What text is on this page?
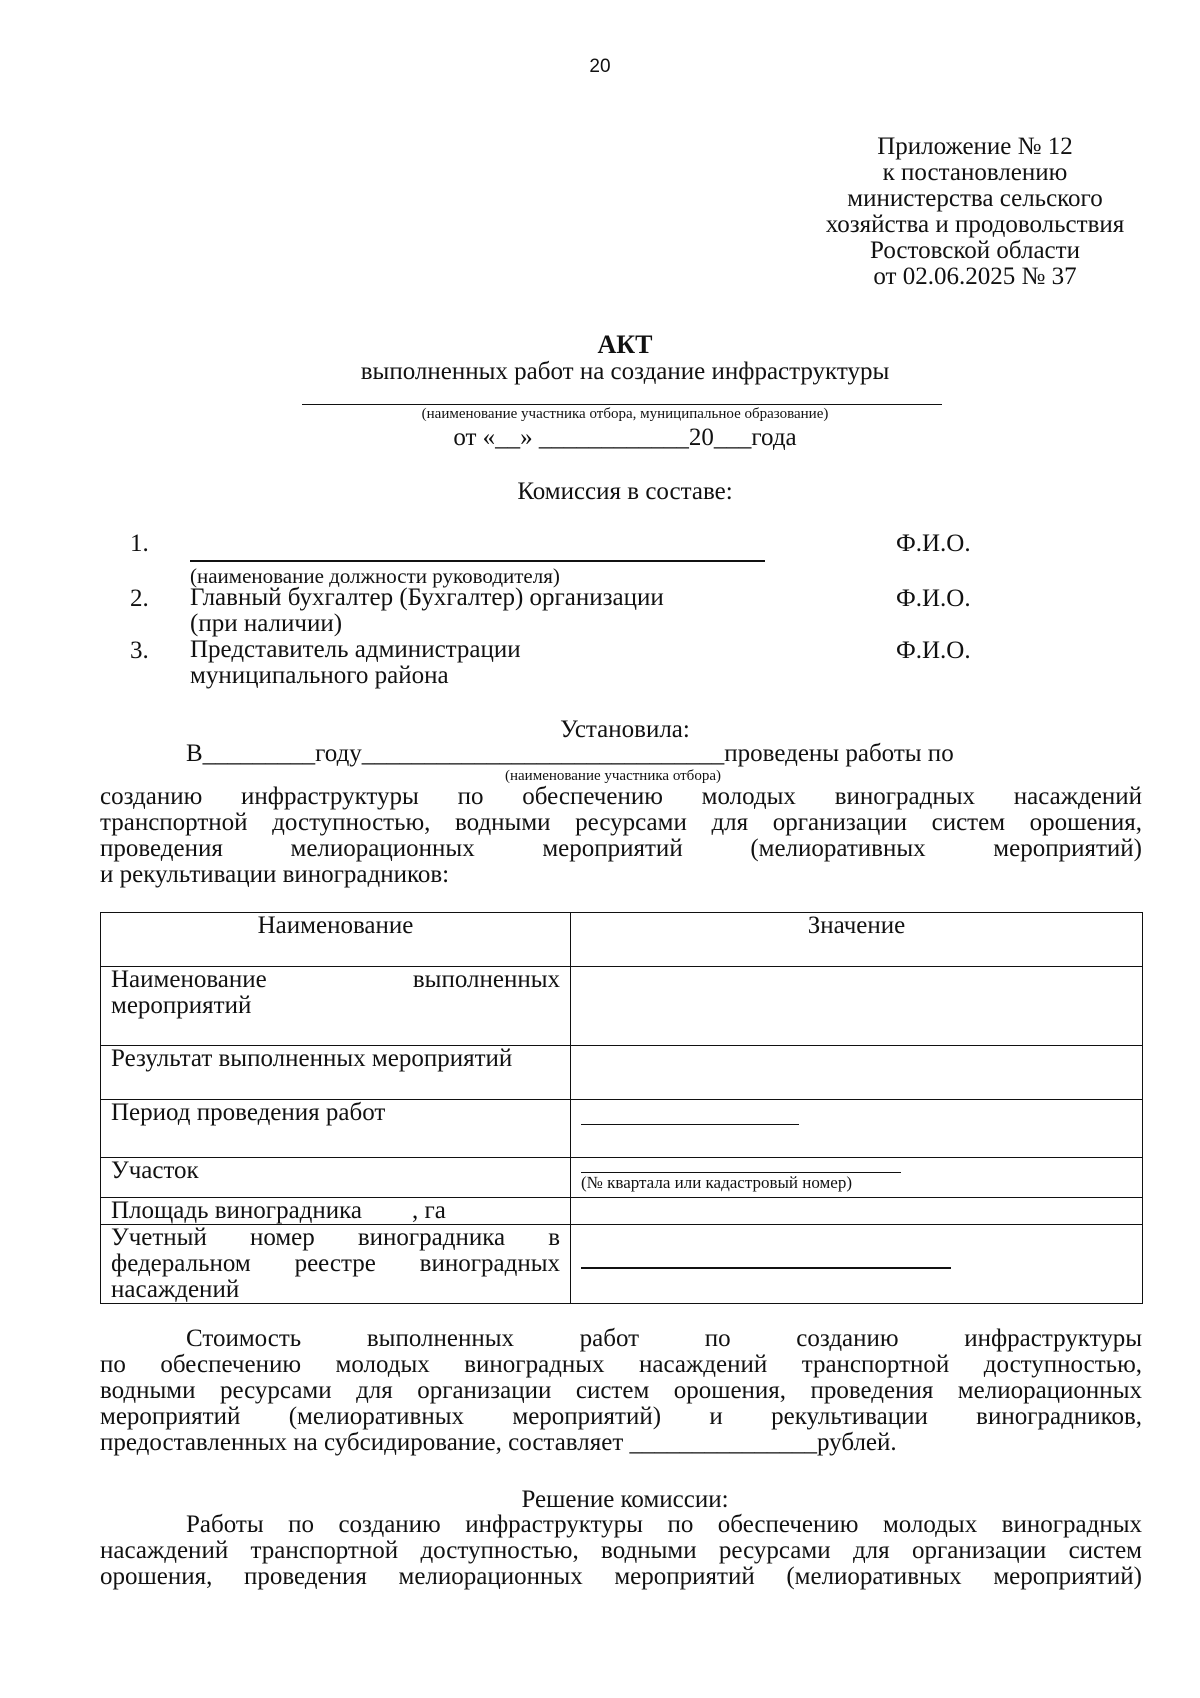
20
Приложение № 12
к постановлению
министерства сельского
хозяйства и продовольствия
Ростовской области
от 02.06.2025 № 37
АКТ
выполненных работ на создание инфраструктуры
(наименование участника отбора, муниципальное образование)
от «__» ____________20___года
Комиссия в составе:
1.	Ф.И.О.
(наименование должности руководителя)
2. Главный бухгалтер (Бухгалтер) организации
(при наличии)
Ф.И.О.
3. Представитель администрации
муниципального района
Ф.И.О.
Установила:
В_________году_____________________________проведены работы по
(наименование участника отбора)
созданию инфраструктуры по обеспечению молодых виноградных насаждений
транспортной доступностью, водными ресурсами для организации систем орошения,
проведения мелиорационных мероприятий (мелиоративных мероприятий)
и рекультивации виноградников:
Наименование	Значение
Наименование выполненных мероприятий	
Результат выполненных мероприятий	
Период проведения работ	

Участок	(№ квартала или кадастровый номер)

Площадь виноградника        , га	
Учетный номер виноградника в федеральном реестре виноградных насаждений	
Стоимость выполненных работ по созданию инфраструктуры
по обеспечению молодых виноградных насаждений транспортной доступностью,
водными ресурсами для организации систем орошения, проведения мелиорационных
мероприятий (мелиоративных мероприятий) и рекультивации виноградников,
предоставленных на субсидирование, составляет _______________рублей.
Решение комиссии:
Работы по созданию инфраструктуры по обеспечению молодых виноградных
насаждений транспортной доступностью, водными ресурсами для организации систем
орошения, проведения мелиорационных мероприятий (мелиоративных мероприятий)
